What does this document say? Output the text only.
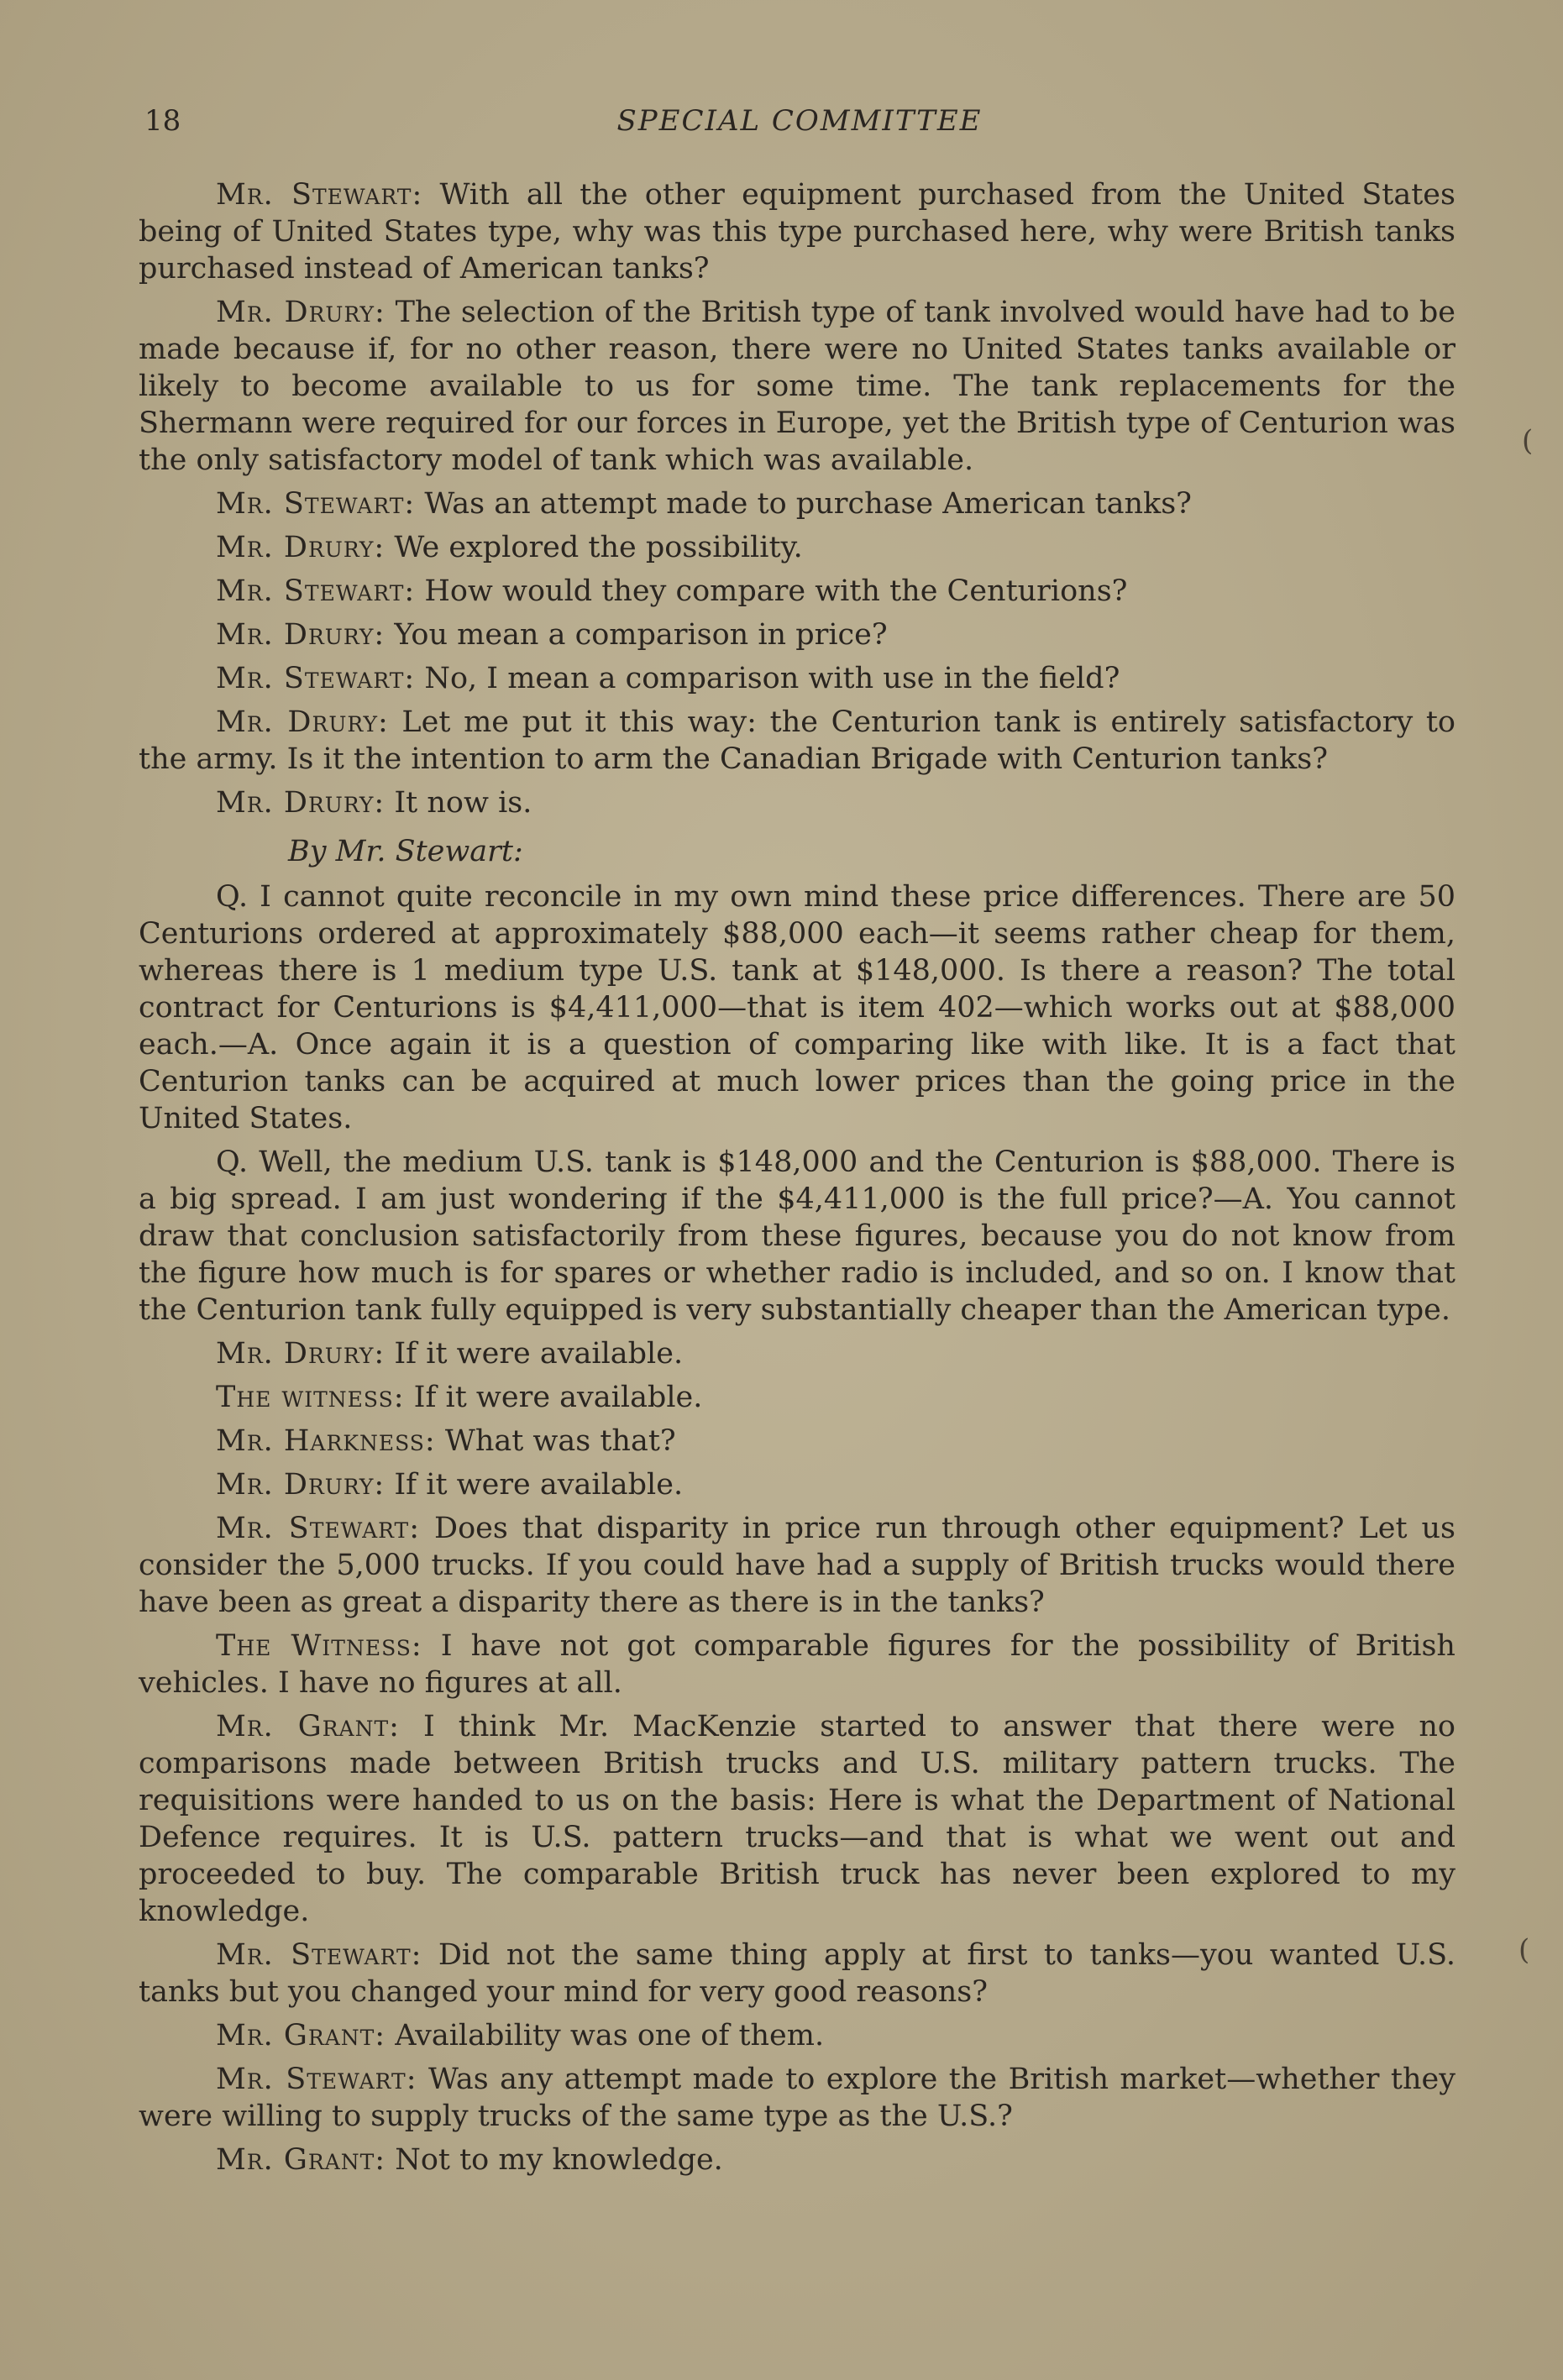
18	SPECIAL COMMITTEE

Mr. Stewart: With all the other equipment purchased from the United States being of United States type, why was this type purchased here, why were British tanks purchased instead of American tanks?

Mr. Drury: The selection of the British type of tank involved would have had to be made because if, for no other reason, there were no United States tanks available or likely to become available to us for some time. The tank replacements for the Shermann were required for our forces in Europe, yet the British type of Centurion was the only satisfactory model of tank which was available.

Mr. Stewart: Was an attempt made to purchase American tanks?

Mr. Drury: We explored the possibility.

Mr. Stewart: How would they compare with the Centurions?

Mr. Drury: You mean a comparison in price?

Mr. Stewart: No, I mean a comparison with use in the field?

Mr. Drury: Let me put it this way: the Centurion tank is entirely satisfactory to the army. Is it the intention to arm the Canadian Brigade with Centurion tanks?

Mr. Drury: It now is.

By Mr. Stewart:

Q. I cannot quite reconcile in my own mind these price differences. There are 50 Centurions ordered at approximately $88,000 each—it seems rather cheap for them, whereas there is 1 medium type U.S. tank at $148,000. Is there a reason? The total contract for Centurions is $4,411,000—that is item 402—which works out at $88,000 each.—A. Once again it is a question of comparing like with like. It is a fact that Centurion tanks can be acquired at much lower prices than the going price in the United States.

Q. Well, the medium U.S. tank is $148,000 and the Centurion is $88,000. There is a big spread. I am just wondering if the $4,411,000 is the full price?—A. You cannot draw that conclusion satisfactorily from these figures, because you do not know from the figure how much is for spares or whether radio is included, and so on. I know that the Centurion tank fully equipped is very substantially cheaper than the American type.

Mr. Drury: If it were available.

The witness: If it were available.

Mr. Harkness: What was that?

Mr. Drury: If it were available.

Mr. Stewart: Does that disparity in price run through other equipment? Let us consider the 5,000 trucks. If you could have had a supply of British trucks would there have been as great a disparity there as there is in the tanks?

The Witness: I have not got comparable figures for the possibility of British vehicles. I have no figures at all.

Mr. Grant: I think Mr. MacKenzie started to answer that there were no comparisons made between British trucks and U.S. military pattern trucks. The requisitions were handed to us on the basis: Here is what the Department of National Defence requires. It is U.S. pattern trucks—and that is what we went out and proceeded to buy. The comparable British truck has never been explored to my knowledge.

Mr. Stewart: Did not the same thing apply at first to tanks—you wanted U.S. tanks but you changed your mind for very good reasons?

Mr. Grant: Availability was one of them.

Mr. Stewart: Was any attempt made to explore the British market—whether they were willing to supply trucks of the same type as the U.S.?

Mr. Grant: Not to my knowledge.

(
(
